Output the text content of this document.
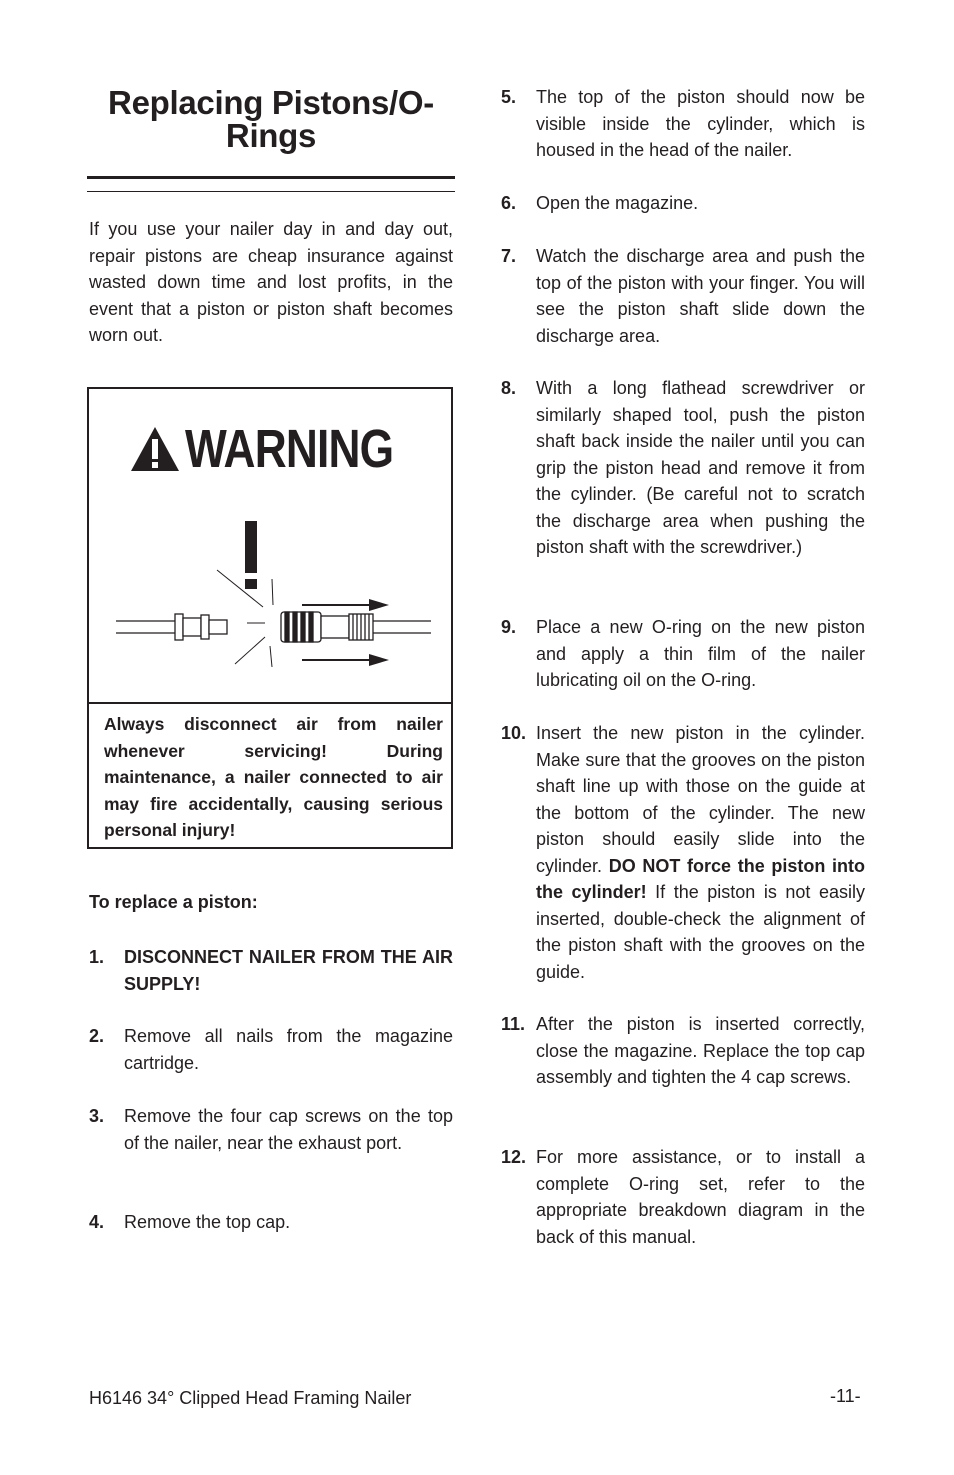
Replacing Pistons/O-
Rings
If you use your nailer day in and day out, repair pistons are cheap insurance against wasted down time and lost profits, in the event that a piston or piston shaft becomes worn out.
WARNING
Always disconnect air from nailer whenever servicing! During maintenance, a nailer connected to air may fire accidentally, causing serious personal injury!
To replace a piston:
1. DISCONNECT NAILER FROM THE AIR SUPPLY!
2. Remove all nails from the magazine cartridge.
3. Remove the four cap screws on the top of the nailer, near the exhaust port.
4. Remove the top cap.
5. The top of the piston should now be visible inside the cylinder, which is housed in the head of the nailer.
6. Open the magazine.
7. Watch the discharge area and push the top of the piston with your finger. You will see the piston shaft slide down the discharge area.
8. With a long flathead screwdriver or similarly shaped tool, push the piston shaft back inside the nailer until you can grip the piston head and remove it from the cylinder. (Be careful not to scratch the discharge area when pushing the piston shaft with the screwdriver.)
9. Place a new O-ring on the new piston and apply a thin film of the nailer lubricating oil on the O-ring.
10. Insert the new piston in the cylinder. Make sure that the grooves on the piston shaft line up with those on the guide at the bottom of the cylinder. The new piston should easily slide into the cylinder. DO NOT force the piston into the cylinder! If the piston is not easily inserted, double-check the alignment of the piston shaft with the grooves on the guide.
11. After the piston is inserted correctly, close the magazine. Replace the top cap assembly and tighten the 4 cap screws.
12. For more assistance, or to install a complete O-ring set, refer to the appropriate breakdown diagram in the back of this manual.
H6146 34° Clipped Head Framing Nailer	-11-
